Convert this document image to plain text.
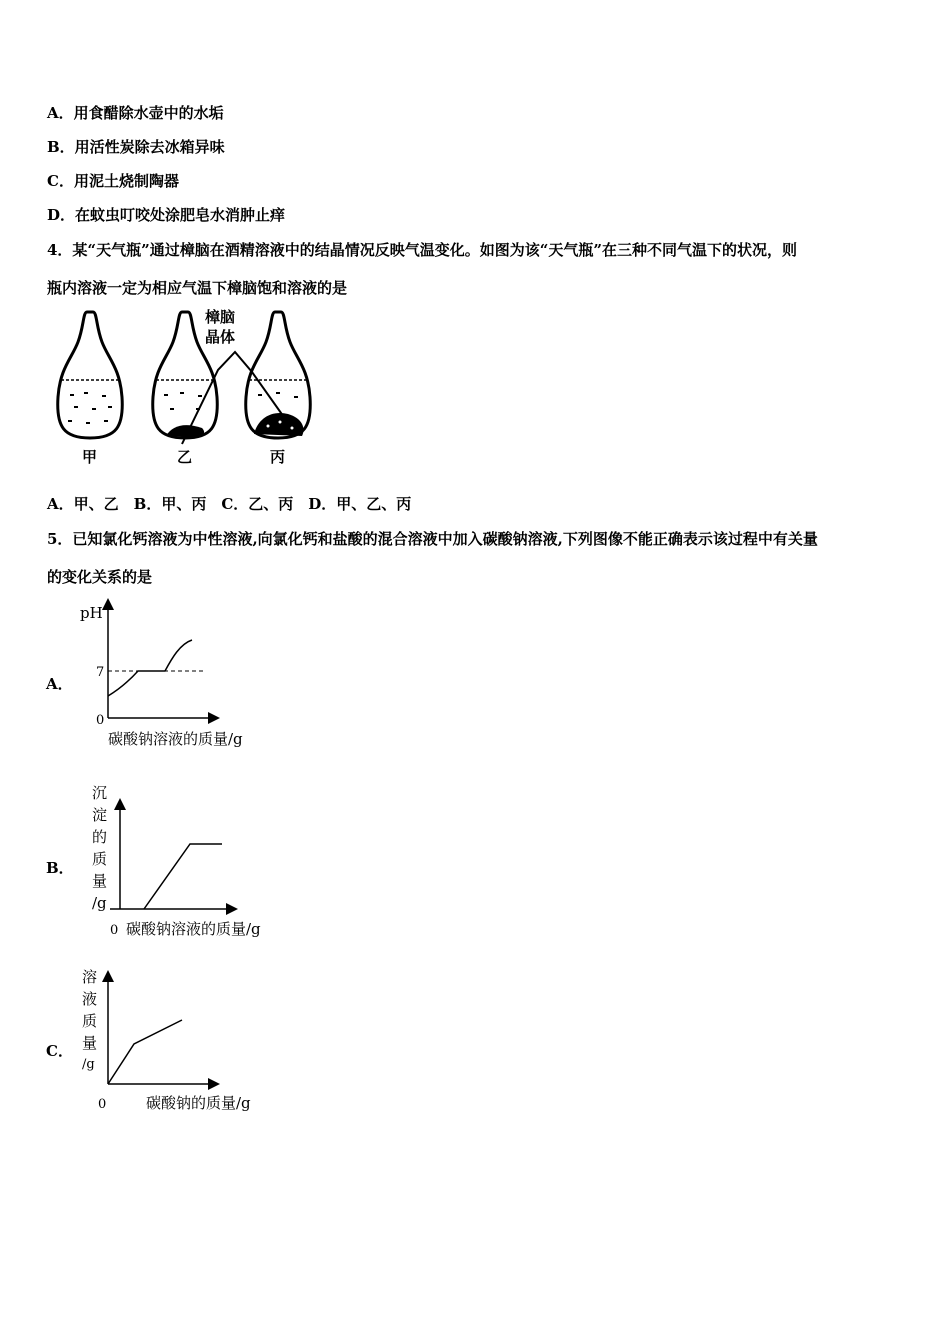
A．用食醋除水壶中的水垢
B．用活性炭除去冰箱异味
C．用泥土烧制陶器
D．在蚊虫叮咬处涂肥皂水消肿止痒
4．某“天气瓶”通过樟脑在酒精溶液中的结晶情况反映气温变化。如图为该“天气瓶”在三种不同气温下的状况，则
瓶内溶液一定为相应气温下樟脑饱和溶液的是
樟脑
晶体
甲	乙	丙
A．甲、乙　B．甲、丙　C．乙、丙　D．甲、乙、丙
5．已知氯化钙溶液为中性溶液,向氯化钙和盐酸的混合溶液中加入碳酸钠溶液,下列图像不能正确表示该过程中有关量
的变化关系的是
A．
pH
7
0
碳酸钠溶液的质量/g
B．
沉
淀
的
质
量
/g
0 碳酸钠溶液的质量/g
C．
溶
液
质
量
/g
0	碳酸钠的质量/g
